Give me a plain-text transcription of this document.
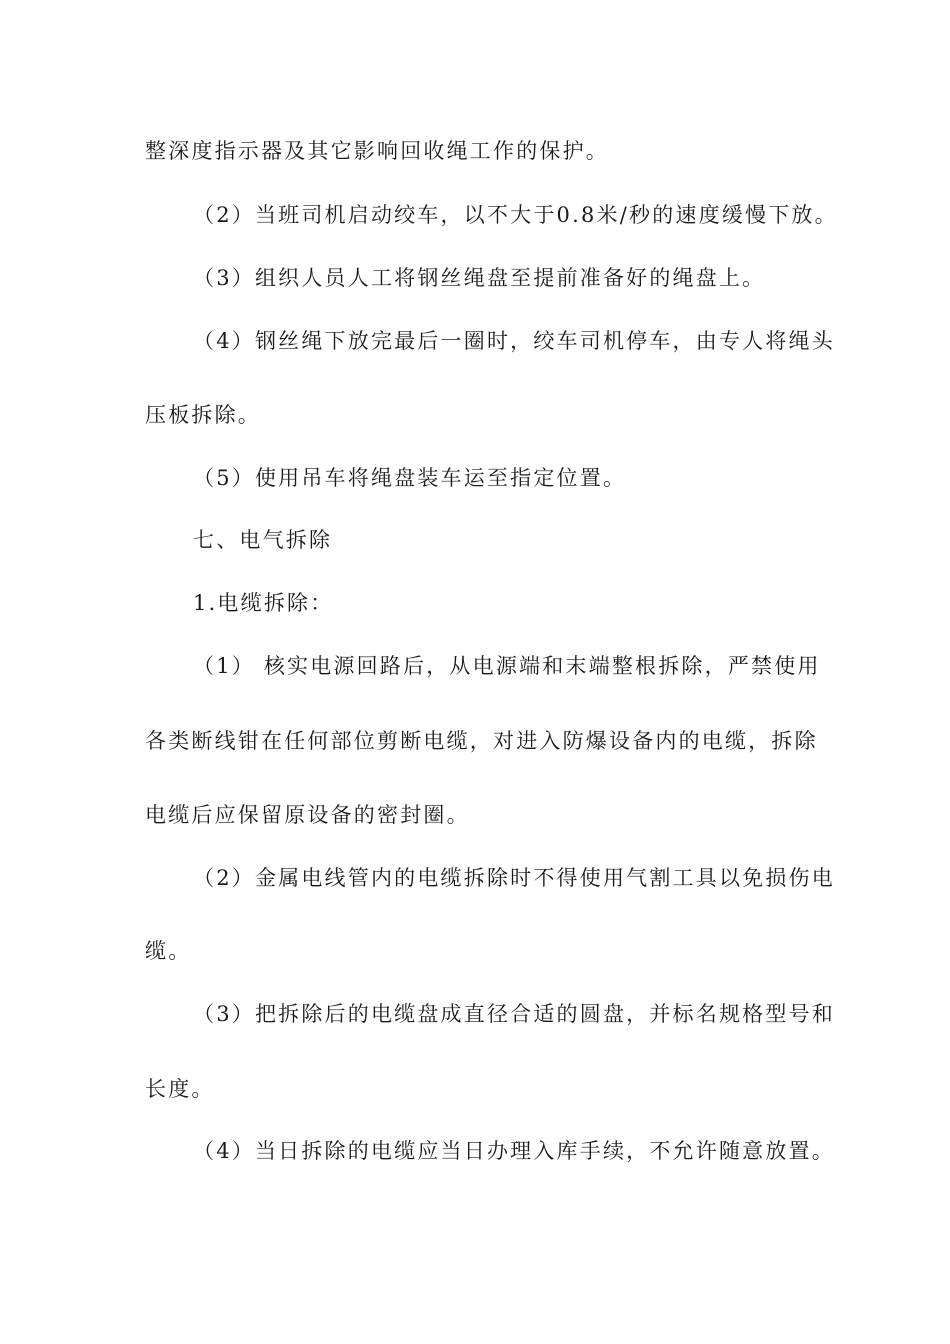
整深度指示器及其它影响回收绳工作的保护。
（2）当班司机启动绞车，以不大于0.8米/秒的速度缓慢下放。
（3）组织人员人工将钢丝绳盘至提前准备好的绳盘上。
（4）钢丝绳下放完最后一圈时，绞车司机停车，由专人将绳头
压板拆除。
（5）使用吊车将绳盘装车运至指定位置。
七、电气拆除
1.电缆拆除：
（1） 核实电源回路后，从电源端和末端整根拆除，严禁使用
各类断线钳在任何部位剪断电缆，对进入防爆设备内的电缆，拆除
电缆后应保留原设备的密封圈。
（2）金属电线管内的电缆拆除时不得使用气割工具以免损伤电
缆。
（3）把拆除后的电缆盘成直径合适的圆盘，并标名规格型号和
长度。
（4）当日拆除的电缆应当日办理入库手续，不允许随意放置。
